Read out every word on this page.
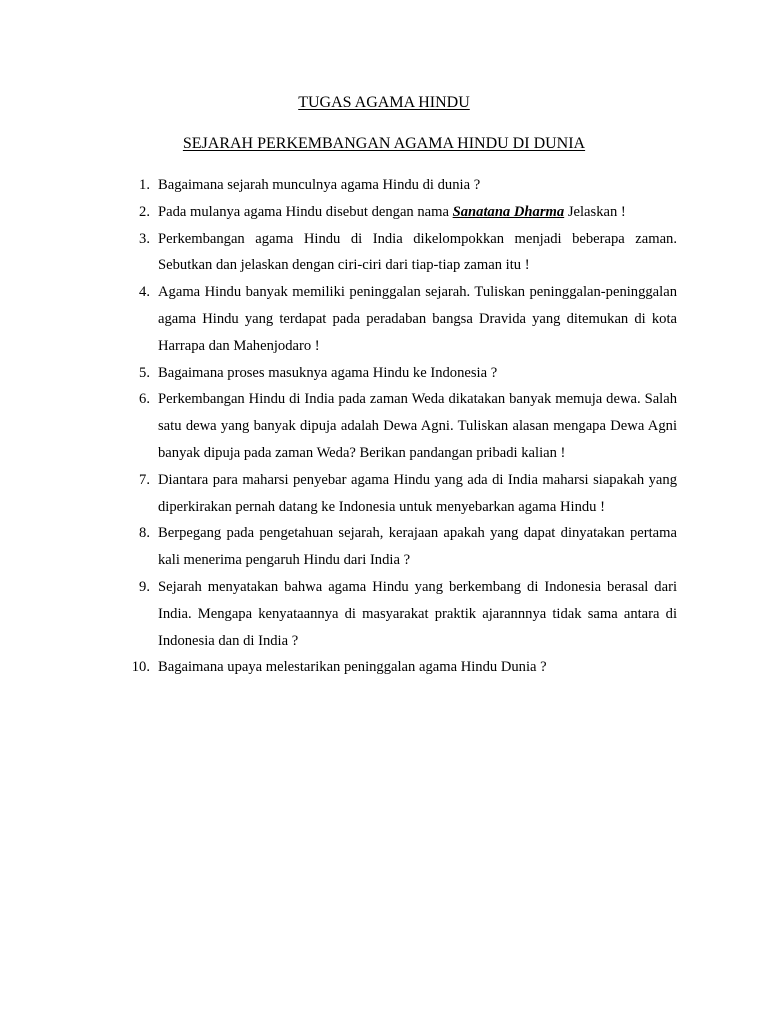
TUGAS AGAMA HINDU
SEJARAH PERKEMBANGAN AGAMA HINDU DI DUNIA
1. Bagaimana sejarah munculnya agama Hindu di dunia ?
2. Pada mulanya agama Hindu disebut dengan nama Sanatana Dharma Jelaskan !
3. Perkembangan agama Hindu di India dikelompokkan menjadi beberapa zaman. Sebutkan dan jelaskan dengan ciri-ciri dari tiap-tiap zaman itu !
4. Agama Hindu banyak memiliki peninggalan sejarah. Tuliskan peninggalan-peninggalan agama Hindu yang terdapat pada peradaban bangsa Dravida yang ditemukan di kota Harrapa dan Mahenjodaro !
5. Bagaimana proses masuknya agama Hindu ke Indonesia ?
6. Perkembangan Hindu di India pada zaman Weda dikatakan banyak memuja dewa. Salah satu dewa yang banyak dipuja adalah Dewa Agni. Tuliskan alasan mengapa Dewa Agni banyak dipuja pada zaman Weda? Berikan pandangan pribadi kalian !
7. Diantara para maharsi penyebar agama Hindu yang ada di India maharsi siapakah yang diperkirakan pernah datang ke Indonesia untuk menyebarkan agama Hindu !
8. Berpegang pada pengetahuan sejarah, kerajaan apakah yang dapat dinyatakan pertama kali menerima pengaruh Hindu dari India ?
9. Sejarah menyatakan bahwa agama Hindu yang berkembang di Indonesia berasal dari India. Mengapa kenyataannya di masyarakat praktik ajarannnya tidak sama antara di Indonesia dan di India ?
10. Bagaimana upaya melestarikan peninggalan agama Hindu Dunia ?
